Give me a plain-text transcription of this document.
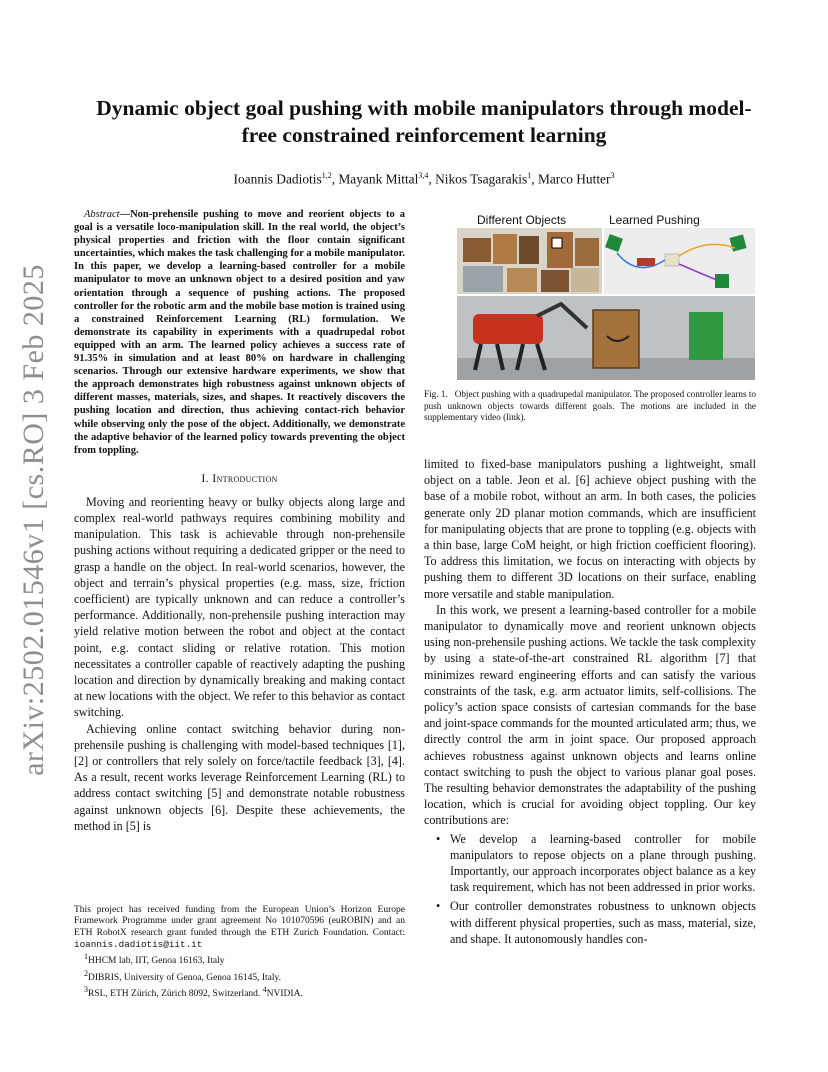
arXiv:2502.01546v1 [cs.RO] 3 Feb 2025
Dynamic object goal pushing with mobile manipulators through model-free constrained reinforcement learning
Ioannis Dadiotis$^{1,2}$, Mayank Mittal$^{3,4}$, Nikos Tsagarakis$^1$, Marco Hutter$^3$

Abstract—Non-prehensile pushing to move and reorient objects to a goal is a versatile loco-manipulation skill. In the real world, the object’s physical properties and friction with the floor contain significant uncertainties, which makes the task challenging for a mobile manipulator. In this paper, we develop a learning-based controller for a mobile manipulator to move an unknown object to a desired position and yaw orientation through a sequence of pushing actions. The proposed controller for the robotic arm and the mobile base motion is trained using a constrained Reinforcement Learning (RL) formulation. We demonstrate its capability in experiments with a quadrupedal robot equipped with an arm. The learned policy achieves a success rate of 91.35% in simulation and at least 80% on hardware in challenging scenarios. Through our extensive hardware experiments, we show that the approach demonstrates high robustness against unknown objects of different masses, materials, sizes, and shapes. It reactively discovers the pushing location and direction, thus achieving contact-rich behavior while observing only the pose of the object. Additionally, we demonstrate the adaptive behavior of the learned policy towards preventing the object from toppling.

I. Introduction

Moving and reorienting heavy or bulky objects along large and complex real-world pathways requires combining mobility and manipulation. This task is achievable through non-prehensile pushing actions without requiring a dedicated gripper or the need to grasp a handle on the object. In real-world scenarios, however, the object and terrain’s physical properties (e.g. mass, size, friction coefficient) are typically unknown and can reduce a controller’s performance. Additionally, non-prehensile pushing interaction may yield relative motion between the robot and object at the contact point, e.g. contact sliding or relative rotation. This motion necessitates a controller capable of reactively adapting the pushing location and direction by dynamically breaking and making contact at new locations with the object. We refer to this behavior as contact switching.

Achieving online contact switching behavior during non-prehensile pushing is challenging with model-based techniques [1], [2] or controllers that rely solely on force/tactile feedback [3], [4]. As a result, recent works leverage Reinforcement Learning (RL) to address contact switching [5] and demonstrate notable robustness against unknown objects [6]. Despite these achievements, the method in [5] is

This project has received funding from the European Union’s Horizon Europe Framework Programme under grant agreement No 101070596 (euROBIN) and an ETH RobotX research grant funded through the ETH Zurich Foundation. Contact: ioannis.dadiotis@iit.it

$^1$HHCM lab, IIT, Genoa 16163, Italy

$^2$DIBRIS, University of Genoa, Genoa 16145, Italy.

$^3$RSL, ETH Zürich, Zürich 8092, Switzerland. $^4$NVIDIA.

Different Objects	Learned Pushing
Fig. 1. Object pushing with a quadrupedal manipulator. The proposed controller learns to push unknown objects towards different goals. The motions are included in the supplementary video (link).

limited to fixed-base manipulators pushing a lightweight, small object on a table. Jeon et al. [6] achieve object pushing with the base of a mobile robot, without an arm. In both cases, the policies generate only 2D planar motion commands, which are insufficient for manipulating objects that are prone to toppling (e.g. objects with a thin base, large CoM height, or high friction coefficient flooring). To address this limitation, we focus on interacting with objects by pushing them to different 3D locations on their surface, enabling more versatile and stable manipulation.

In this work, we present a learning-based controller for a mobile manipulator to dynamically move and reorient unknown objects using non-prehensile pushing actions. We tackle the task complexity by using a state-of-the-art constrained RL algorithm [7] that minimizes reward engineering efforts and can satisfy the various constraints of the task, e.g. arm actuator limits, self-collisions. The policy’s action space consists of cartesian commands for the base and joint-space commands for the mounted articulated arm; thus, we directly control the arm in joint space. Our proposed approach achieves robustness against unknown objects and learns online contact switching to push the object to various planar goal poses. The resulting behavior demonstrates the adaptability of the pushing location, which is crucial for avoiding object toppling. Our key contributions are:

• We develop a learning-based controller for mobile manipulators to repose objects on a plane through pushing. Importantly, our approach incorporates object balance as a key task requirement, which has not been addressed in prior works.
• Our controller demonstrates robustness to unknown objects with different physical properties, such as mass, material, size, and shape. It autonomously handles con-
